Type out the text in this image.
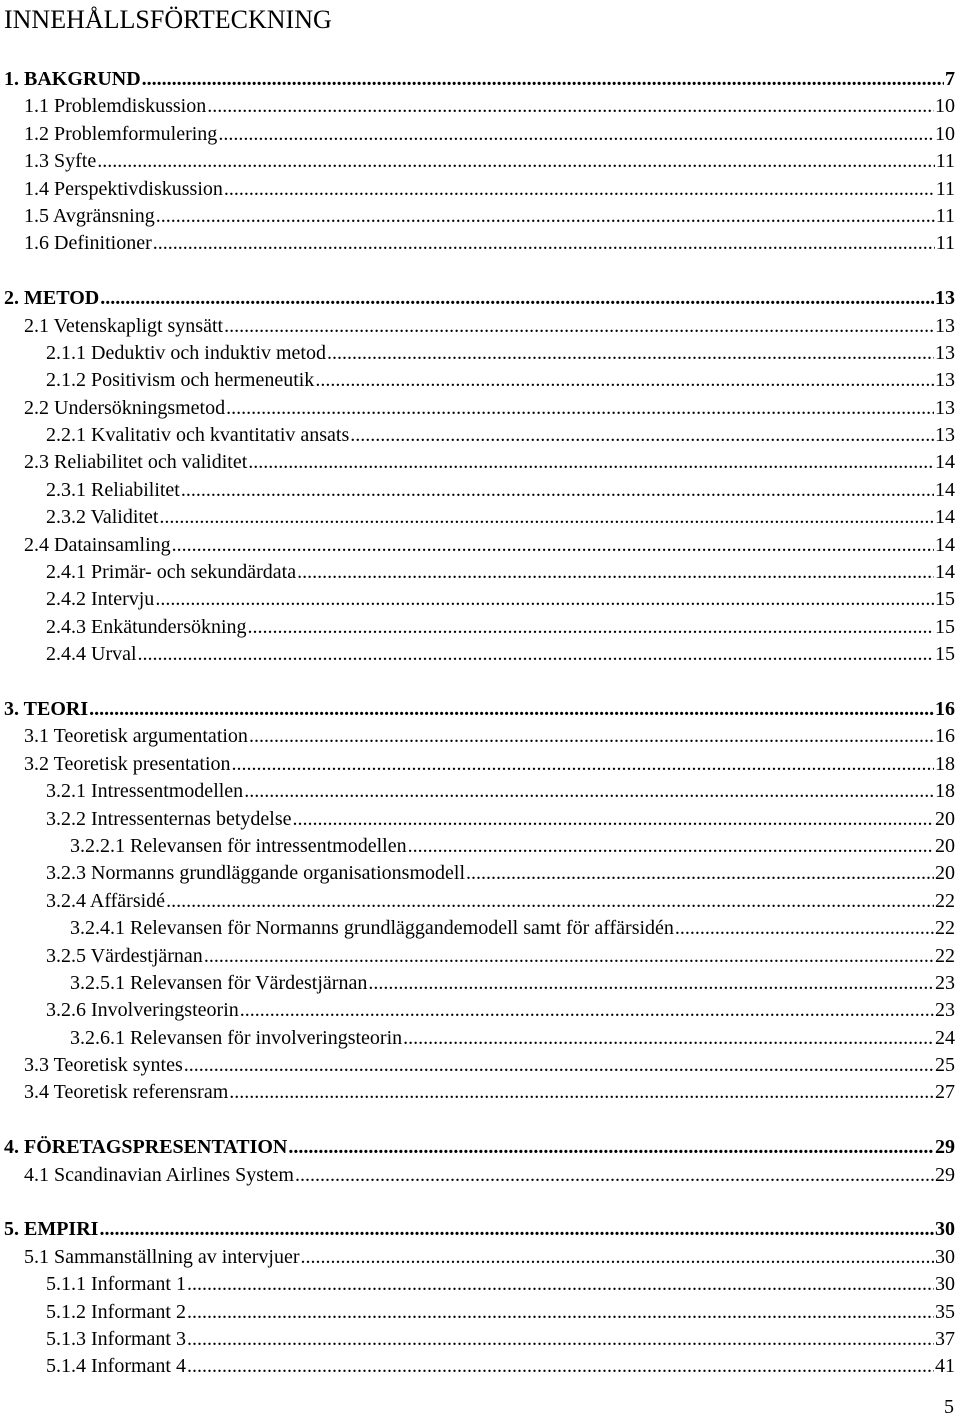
INNEHÅLLSFÖRTECKNING
1. BAKGRUND .....	7
1.1 Problemdiskussion .....	10
1.2 Problemformulering .....	10
1.3 Syfte .....	11
1.4 Perspektivdiskussion .....	11
1.5 Avgränsning .....	11
1.6 Definitioner .....	11
2. METOD .....	13
2.1 Vetenskapligt synsätt .....	13
2.1.1 Deduktiv och induktiv metod .....	13
2.1.2 Positivism och hermeneutik .....	13
2.2 Undersökningsmetod .....	13
2.2.1 Kvalitativ och kvantitativ ansats .....	13
2.3 Reliabilitet och validitet .....	14
2.3.1 Reliabilitet .....	14
2.3.2 Validitet .....	14
2.4 Datainsamling .....	14
2.4.1 Primär- och sekundärdata .....	14
2.4.2 Intervju .....	15
2.4.3 Enkätundersökning .....	15
2.4.4 Urval .....	15
3. TEORI .....	16
3.1 Teoretisk argumentation .....	16
3.2 Teoretisk presentation .....	18
3.2.1 Intressentmodellen .....	18
3.2.2 Intressenternas betydelse .....	20
3.2.2.1 Relevansen för intressentmodellen .....	20
3.2.3 Normanns grundläggande organisationsmodell .....	20
3.2.4 Affärsidé .....	22
3.2.4.1 Relevansen för Normanns grundläggandemodell samt för affärsidén .....	22
3.2.5 Värdestjärnan .....	22
3.2.5.1 Relevansen för Värdestjärnan .....	23
3.2.6 Involveringsteorin .....	23
3.2.6.1 Relevansen för involveringsteorin .....	24
3.3 Teoretisk syntes .....	25
3.4 Teoretisk referensram .....	27
4. FÖRETAGSPRESENTATION .....	29
4.1 Scandinavian Airlines System .....	29
5. EMPIRI .....	30
5.1 Sammanställning av intervjuer .....	30
5.1.1 Informant 1 .....	30
5.1.2 Informant 2 .....	35
5.1.3 Informant 3 .....	37
5.1.4 Informant 4 .....	41
5
